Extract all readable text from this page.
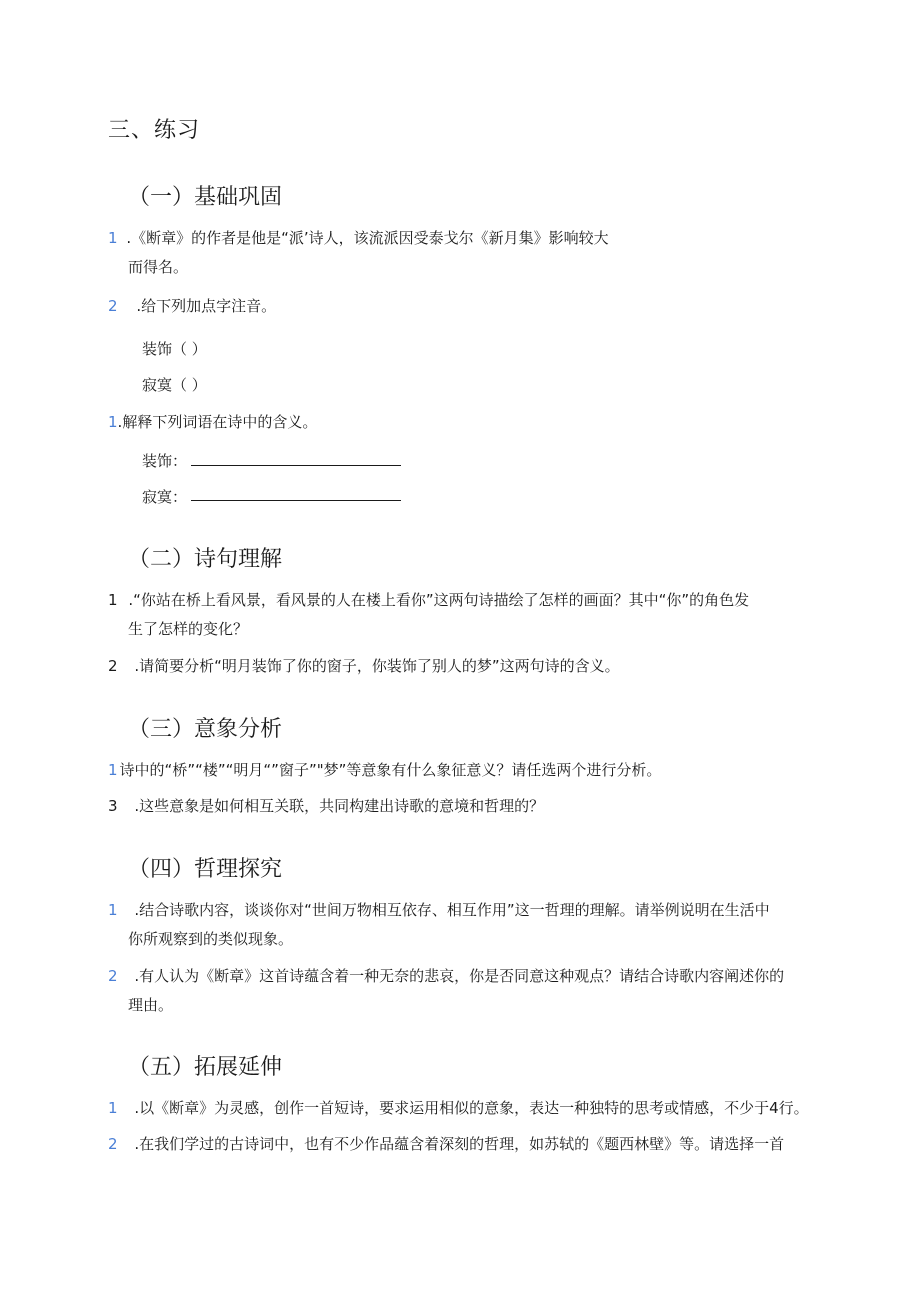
三、练习
（一）基础巩固
1 .《断章》的作者是他是“派’诗人，该流派因受泰戈尔《新月集》影响较大
而得名。
2 .给下列加点字注音。
装饰（ ）
寂寞（ ）
1.解释下列词语在诗中的含义。
装饰：
寂寞：
（二）诗句理解
1 .“你站在桥上看风景，看风景的人在楼上看你”这两句诗描绘了怎样的画面？其中“你”的角色发
生了怎样的变化？
2 .请简要分析“明月装饰了你的窗子，你装饰了别人的梦”这两句诗的含义。
（三）意象分析
1 诗中的“桥”“楼”“明月“”窗子”"梦”等意象有什么象征意义？请任选两个进行分析。
3 .这些意象是如何相互关联，共同构建出诗歌的意境和哲理的？
（四）哲理探究
1 .结合诗歌内容，谈谈你对“世间万物相互依存、相互作用”这一哲理的理解。请举例说明在生活中
你所观察到的类似现象。
2 .有人认为《断章》这首诗蕴含着一种无奈的悲哀，你是否同意这种观点？请结合诗歌内容阐述你的
理由。
（五）拓展延伸
1 .以《断章》为灵感，创作一首短诗，要求运用相似的意象，表达一种独特的思考或情感，不少于4行。
2 .在我们学过的古诗词中，也有不少作品蕴含着深刻的哲理，如苏轼的《题西林壁》等。请选择一首
